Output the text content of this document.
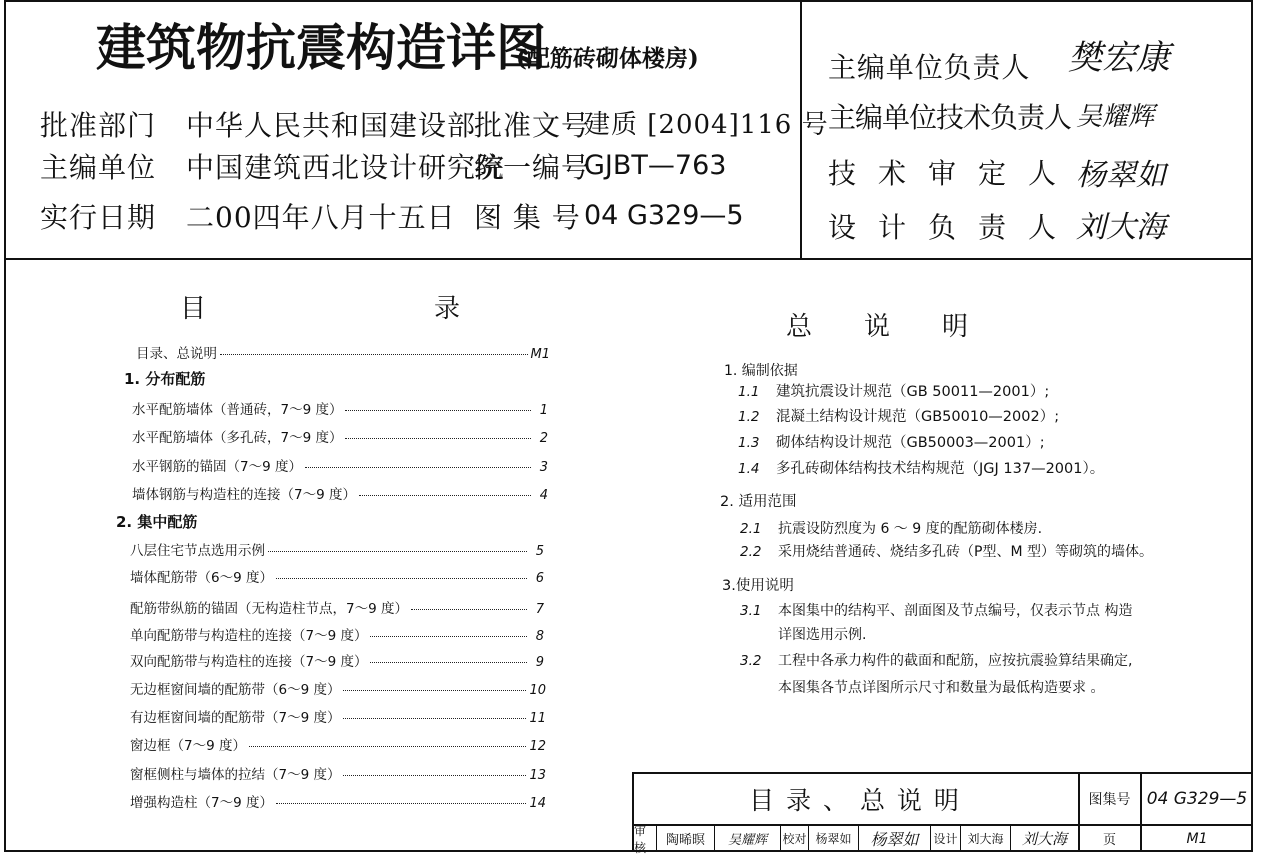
建筑物抗震构造详图
(配筋砖砌体楼房)
批准部门 中华人民共和国建设部
批准文号
建质 [2004]116 号
主编单位 中国建筑西北设计研究院
统一编号
GJBT—763
实行日期 二00四年八月十五日 图 集 号 04 G329—5
主 编 单 位 负 责 人 樊宏康
主编单位技术负责人 吴耀辉
技　术　审　定　人 杨翠如
设　计　负　责　人 刘大海
目	录
目录、总说明	M1
1. 分布配筋
水平配筋墙体（普通砖，7～9 度）	1
水平配筋墙体（多孔砖，7～9 度）	2
水平钢筋的锚固（7～9 度）	3
墙体钢筋与构造柱的连接（7～9 度）	4
2. 集中配筋
八层住宅节点选用示例	5
墙体配筋带（6～9 度）	6
配筋带纵筋的锚固（无构造柱节点，7～9 度）	7
单向配筋带与构造柱的连接（7～9 度）	8
双向配筋带与构造柱的连接（7～9 度）	9
无边框窗间墙的配筋带（6～9 度）	10
有边框窗间墙的配筋带（7～9 度）	11
窗边框（7～9 度）	12
窗框侧柱与墙体的拉结（7～9 度）	13
增强构造柱（7～9 度）	14
总　　说　　明
1. 编制依据
1.1 建筑抗震设计规范（GB 50011—2001）;
1.2 混凝土结构设计规范（GB50010—2002）;
1.3 砌体结构设计规范（GB50003—2001）;
1.4 多孔砖砌体结构技术结构规范（JGJ 137—2001）。
2. 适用范围
2.1 抗震设防烈度为 6 ～ 9 度的配筋砌体楼房.
2.2 采用烧结普通砖、烧结多孔砖（P型、M 型）等砌筑的墙体。
3.使用说明
3.1 本图集中的结构平、剖面图及节点编号，仅表示节点 构造
详图选用示例.
3.2 工程中各承力构件的截面和配筋，应按抗震验算结果确定,
本图集各节点详图所示尺寸和数量为最低构造要求 。
目 录 、 总 说 明	图集号 04 G329—5
审核	陶晞暝	吴耀辉	校对 杨翠如	杨翠如	设计 刘大海	刘大海	页	M1
